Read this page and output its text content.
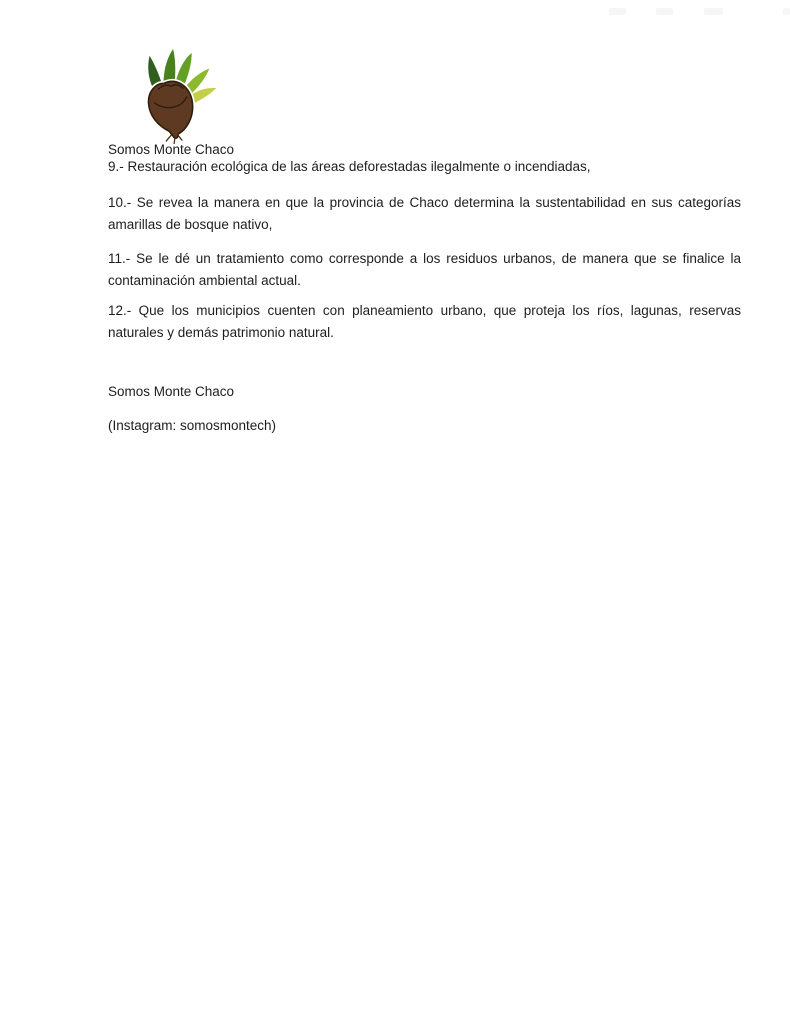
Somos Monte Chaco

9.- Restauración ecológica de las áreas deforestadas ilegalmente o incendiadas,

10.- Se revea la manera en que la provincia de Chaco determina la sustentabilidad en sus categorías amarillas de bosque nativo,

11.- Se le dé un tratamiento como corresponde a los residuos urbanos, de manera que se finalice la contaminación ambiental actual.

12.- Que los municipios cuenten con planeamiento urbano, que proteja los ríos, lagunas, reservas naturales y demás patrimonio natural.

Somos Monte Chaco

(Instagram: somosmontech)
